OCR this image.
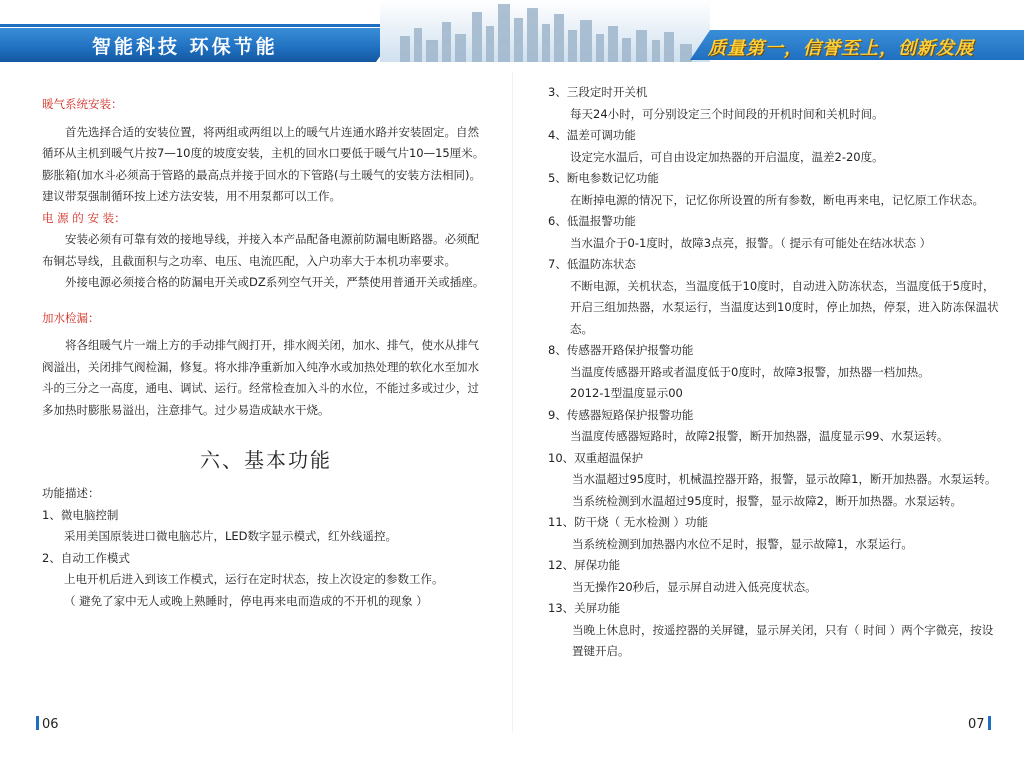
智能科技 环保节能	质量第一，信誉至上，创新发展

暖气系统安装：

首先选择合适的安装位置，将两组或两组以上的暖气片连通水路并安装固定。自然循环从主机到暖气片按7—10度的坡度安装，主机的回水口要低于暖气片10—15厘米。膨胀箱(加水斗必须高于管路的最高点并接于回水的下管路(与土暖气的安装方法相同)。建议带泵强制循环按上述方法安装，用不用泵都可以工作。

电 源 的 安 装：

安装必须有可靠有效的接地导线，并接入本产品配备电源前防漏电断路器。必须配布铜芯导线，且截面积与之功率、电压、电流匹配，入户功率大于本机功率要求。

外接电源必须接合格的防漏电开关或DZ系列空气开关，严禁使用普通开关或插座。

加水检漏：

将各组暖气片一端上方的手动排气阀打开，排水阀关闭，加水、排气，使水从排气阀溢出，关闭排气阀检漏，修复。将水排净重新加入纯净水或加热处理的软化水至加水斗的三分之一高度，通电、调试、运行。经常检查加入斗的水位，不能过多或过少，过多加热时膨胀易溢出，注意排气。过少易造成缺水干烧。

六、基本功能

功能描述：

1、微电脑控制

采用美国原装进口微电脑芯片，LED数字显示模式，红外线遥控。

2、自动工作模式

上电开机后进入到该工作模式，运行在定时状态，按上次设定的参数工作。

（ 避免了家中无人或晚上熟睡时，停电再来电而造成的不开机的现象 ）

3、三段定时开关机

每天24小时，可分别设定三个时间段的开机时间和关机时间。

4、温差可调功能

设定完水温后，可自由设定加热器的开启温度，温差2-20度。

5、断电参数记忆功能

在断掉电源的情况下，记忆你所设置的所有参数，断电再来电，记忆原工作状态。

6、低温报警功能

当水温介于0-1度时，故障3点亮，报警。（ 提示有可能处在结冰状态 ）

7、低温防冻状态

不断电源，关机状态，当温度低于10度时，自动进入防冻状态，当温度低于5度时，开启三组加热器，水泵运行，当温度达到10度时，停止加热，停泵，进入防冻保温状态。

8、传感器开路保护报警功能

当温度传感器开路或者温度低于0度时，故障3报警，加热器一档加热。

2012-1型温度显示00

9、传感器短路保护报警功能

当温度传感器短路时，故障2报警，断开加热器，温度显示99、水泵运转。

10、双重超温保护

当水温超过95度时，机械温控器开路，报警，显示故障1，断开加热器。水泵运转。当系统检测到水温超过95度时，报警，显示故障2，断开加热器。水泵运转。

11、防干烧（ 无水检测 ）功能

当系统检测到加热器内水位不足时，报警，显示故障1，水泵运行。

12、屏保功能

当无操作20秒后，显示屏自动进入低亮度状态。

13、关屏功能

当晚上休息时，按遥控器的关屏键，显示屏关闭，只有（ 时间 ）两个字微亮，按设置键开启。

06	07
